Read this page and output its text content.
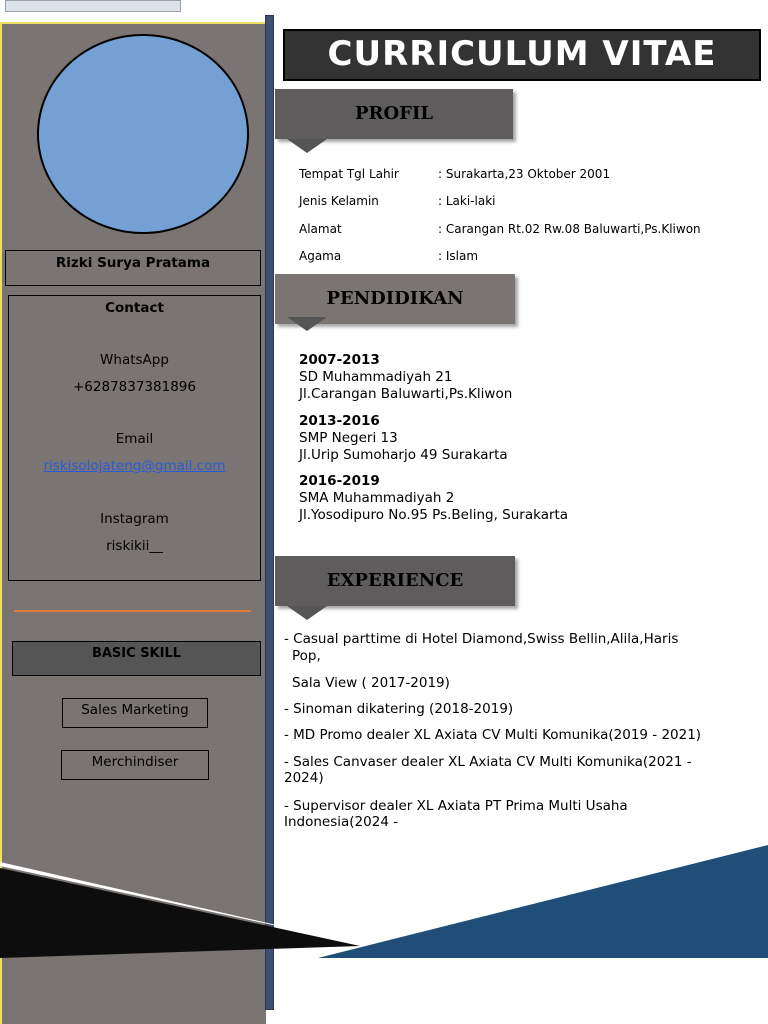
Rizki Surya Pratama
Contact
WhatsApp
+6287837381896
Email
riskisolojateng@gmail.com
Instagram
riskikii__
BASIC SKILL
Sales Marketing
Merchindiser
CURRICULUM VITAE
PROFIL
Tempat Tgl Lahir	: Surakarta,23 Oktober 2001
Jenis Kelamin	: Laki-laki
Alamat	: Carangan Rt.02 Rw.08 Baluwarti,Ps.Kliwon
Agama	: Islam
PENDIDIKAN
2007-2013
SD Muhammadiyah 21
Jl.Carangan Baluwarti,Ps.Kliwon
2013-2016
SMP Negeri 13
Jl.Urip Sumoharjo 49 Surakarta
2016-2019
SMA Muhammadiyah 2
Jl.Yosodipuro No.95 Ps.Beling, Surakarta
EXPERIENCE
- Casual parttime di Hotel Diamond,Swiss Bellin,Alila,Haris
Pop,
Sala View ( 2017-2019)
- Sinoman dikatering (2018-2019)
- MD Promo dealer XL Axiata CV Multi Komunika(2019 - 2021)
- Sales Canvaser dealer XL Axiata CV Multi Komunika(2021 - 2024)
- Supervisor dealer XL Axiata PT Prima Multi Usaha Indonesia(2024 -
